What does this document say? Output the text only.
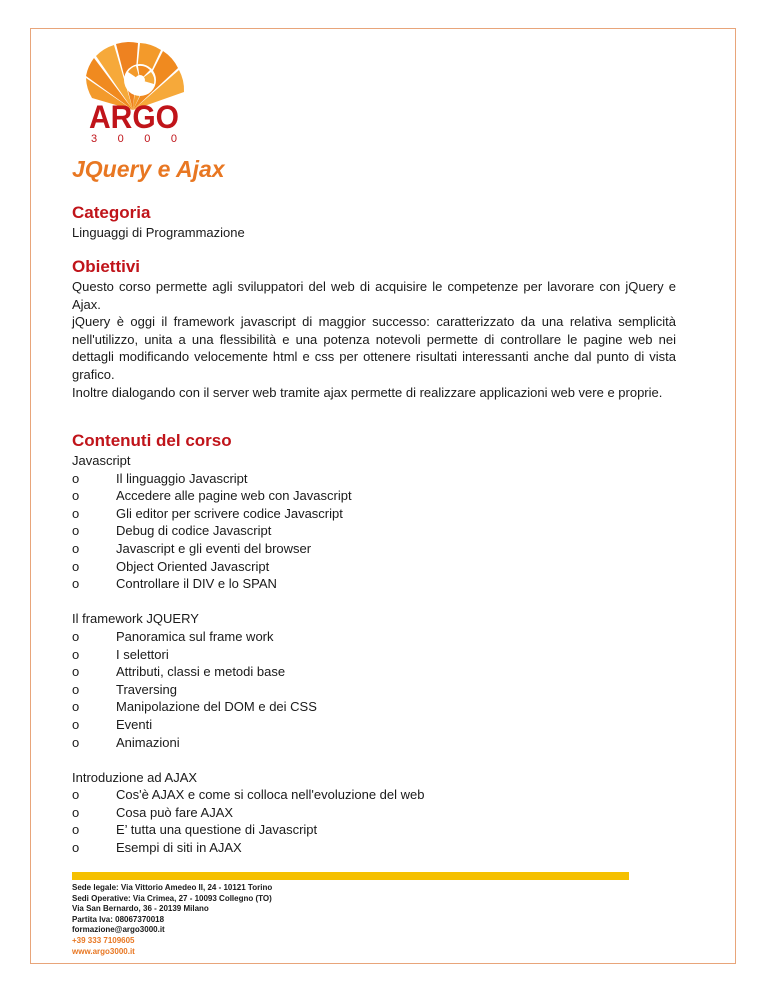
ARGO
3 0 0 0
JQuery e Ajax
Categoria

Linguaggi di Programmazione

Obiettivi

Questo corso permette agli sviluppatori del web di acquisire le competenze per lavorare con jQuery e Ajax.

jQuery è oggi il framework javascript di maggior successo: caratterizzato da una relativa semplicità nell'utilizzo, unita a una flessibilità e una potenza notevoli permette di controllare le pagine web nei dettagli modificando velocemente html e css per ottenere risultati interessanti anche dal punto di vista grafico.

Inoltre dialogando con il server web tramite ajax permette di realizzare applicazioni web vere e proprie.

Contenuti del corso
Javascript
o	Il linguaggio Javascript
o	Accedere alle pagine web con Javascript
o	Gli editor per scrivere codice Javascript
o	Debug di codice Javascript
o	Javascript e gli eventi del browser
o	Object Oriented Javascript
o	Controllare il DIV e lo SPAN
Il framework JQUERY
o	Panoramica sul frame work
o	I selettori
o	Attributi, classi e metodi base
o	Traversing
o	Manipolazione del DOM e dei CSS
o	Eventi
o	Animazioni
Introduzione ad AJAX
o	Cos'è AJAX e come si colloca nell'evoluzione del web
o	Cosa può fare AJAX
o	E’ tutta una questione di Javascript
o	Esempi di siti in AJAX
Sede legale: Via Vittorio Amedeo II, 24 - 10121 Torino
Sedi Operative: Via Crimea, 27 - 10093 Collegno (TO)
Via San Bernardo, 36 - 20139 Milano
Partita Iva: 08067370018
formazione@argo3000.it
+39 333 7109605
www.argo3000.it
